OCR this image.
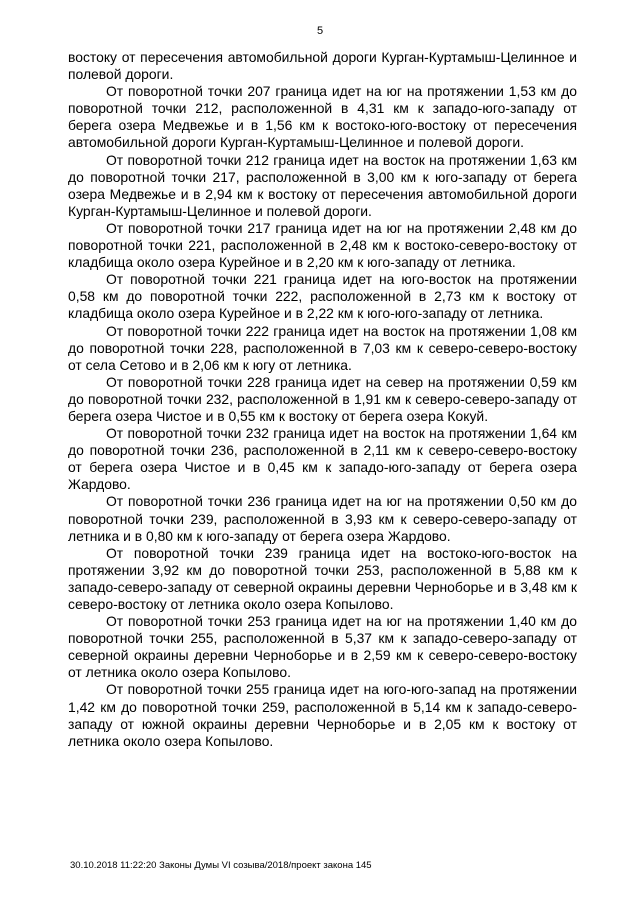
5

востоку от пересечения автомобильной дороги Курган-Куртамыш-Целинное и полевой дороги.

От поворотной точки 207 граница идет на юг на протяжении 1,53 км до поворотной точки 212, расположенной в 4,31 км к западо-юго-западу от берега озера Медвежье и в 1,56 км к востоко-юго-востоку от пересечения автомобильной дороги Курган-Куртамыш-Целинное и полевой дороги.

От поворотной точки 212 граница идет на восток на протяжении 1,63 км до поворотной точки 217, расположенной в 3,00 км к юго-западу от берега озера Медвежье и в 2,94 км к востоку от пересечения автомобильной дороги Курган-Куртамыш-Целинное и полевой дороги.

От поворотной точки 217 граница идет на юг на протяжении 2,48 км до поворотной точки 221, расположенной в 2,48 км к востоко-северо-востоку от кладбища около озера Курейное и в 2,20 км к юго-западу от летника.

От поворотной точки 221 граница идет на юго-восток на протяжении 0,58 км до поворотной точки 222, расположенной в 2,73 км к востоку от кладбища около озера Курейное и в 2,22 км к юго-юго-западу от летника.

От поворотной точки 222 граница идет на восток на протяжении 1,08 км до поворотной точки 228, расположенной в 7,03 км к северо-северо-востоку от села Сетово и в 2,06 км к югу от летника.

От поворотной точки 228 граница идет на север на протяжении 0,59 км до поворотной точки 232, расположенной в 1,91 км к северо-северо-западу от берега озера Чистое и в 0,55 км к востоку от берега озера Кокуй.

От поворотной точки 232 граница идет на восток на протяжении 1,64 км до поворотной точки 236, расположенной в 2,11 км к северо-северо-востоку от берега озера Чистое и в 0,45 км к западо-юго-западу от берега озера Жардово.

От поворотной точки 236 граница идет на юг на протяжении 0,50 км до поворотной точки 239, расположенной в 3,93 км к северо-северо-западу от летника и в 0,80 км к юго-западу от берега озера Жардово.

От поворотной точки 239 граница идет на востоко-юго-восток на протяжении 3,92 км до поворотной точки 253, расположенной в 5,88 км к западо-северо-западу от северной окраины деревни Черноборье и в 3,48 км к северо-востоку от летника около озера Копылово.

От поворотной точки 253 граница идет на юг на протяжении 1,40 км до поворотной точки 255, расположенной в 5,37 км к западо-северо-западу от северной окраины деревни Черноборье и в 2,59 км к северо-северо-востоку от летника около озера Копылово.

От поворотной точки 255 граница идет на юго-юго-запад на протяжении 1,42 км до поворотной точки 259, расположенной в 5,14 км к западо-северо-западу от южной окраины деревни Черноборье и в 2,05 км к востоку от летника около озера Копылово.

30.10.2018 11:22:20 Законы Думы VI созыва/2018/проект закона 145
